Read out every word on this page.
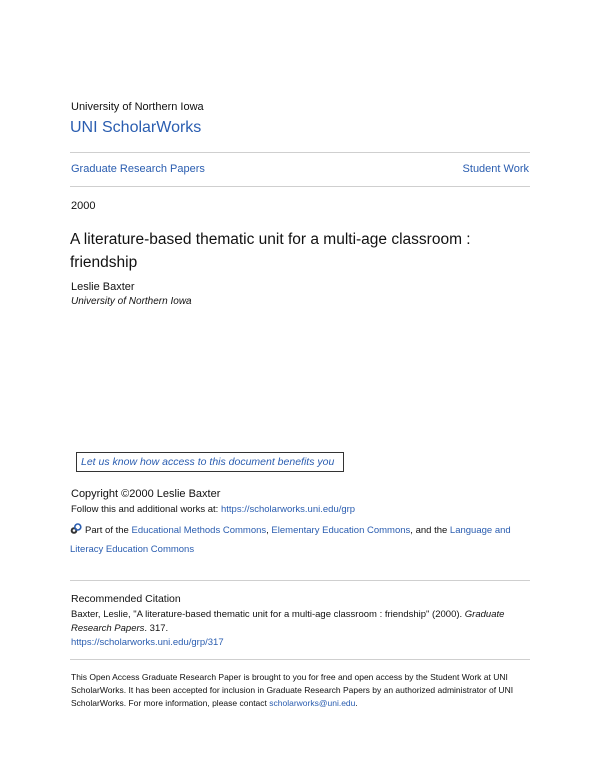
University of Northern Iowa
UNI ScholarWorks
Graduate Research Papers	Student Work
2000
A literature-based thematic unit for a multi-age classroom : friendship
Leslie Baxter
University of Northern Iowa
Let us know how access to this document benefits you
Copyright ©2000 Leslie Baxter
Follow this and additional works at: https://scholarworks.uni.edu/grp
Part of the Educational Methods Commons, Elementary Education Commons, and the Language and Literacy Education Commons
Recommended Citation
Baxter, Leslie, "A literature-based thematic unit for a multi-age classroom : friendship" (2000). Graduate Research Papers. 317.
https://scholarworks.uni.edu/grp/317
This Open Access Graduate Research Paper is brought to you for free and open access by the Student Work at UNI ScholarWorks. It has been accepted for inclusion in Graduate Research Papers by an authorized administrator of UNI ScholarWorks. For more information, please contact scholarworks@uni.edu.
